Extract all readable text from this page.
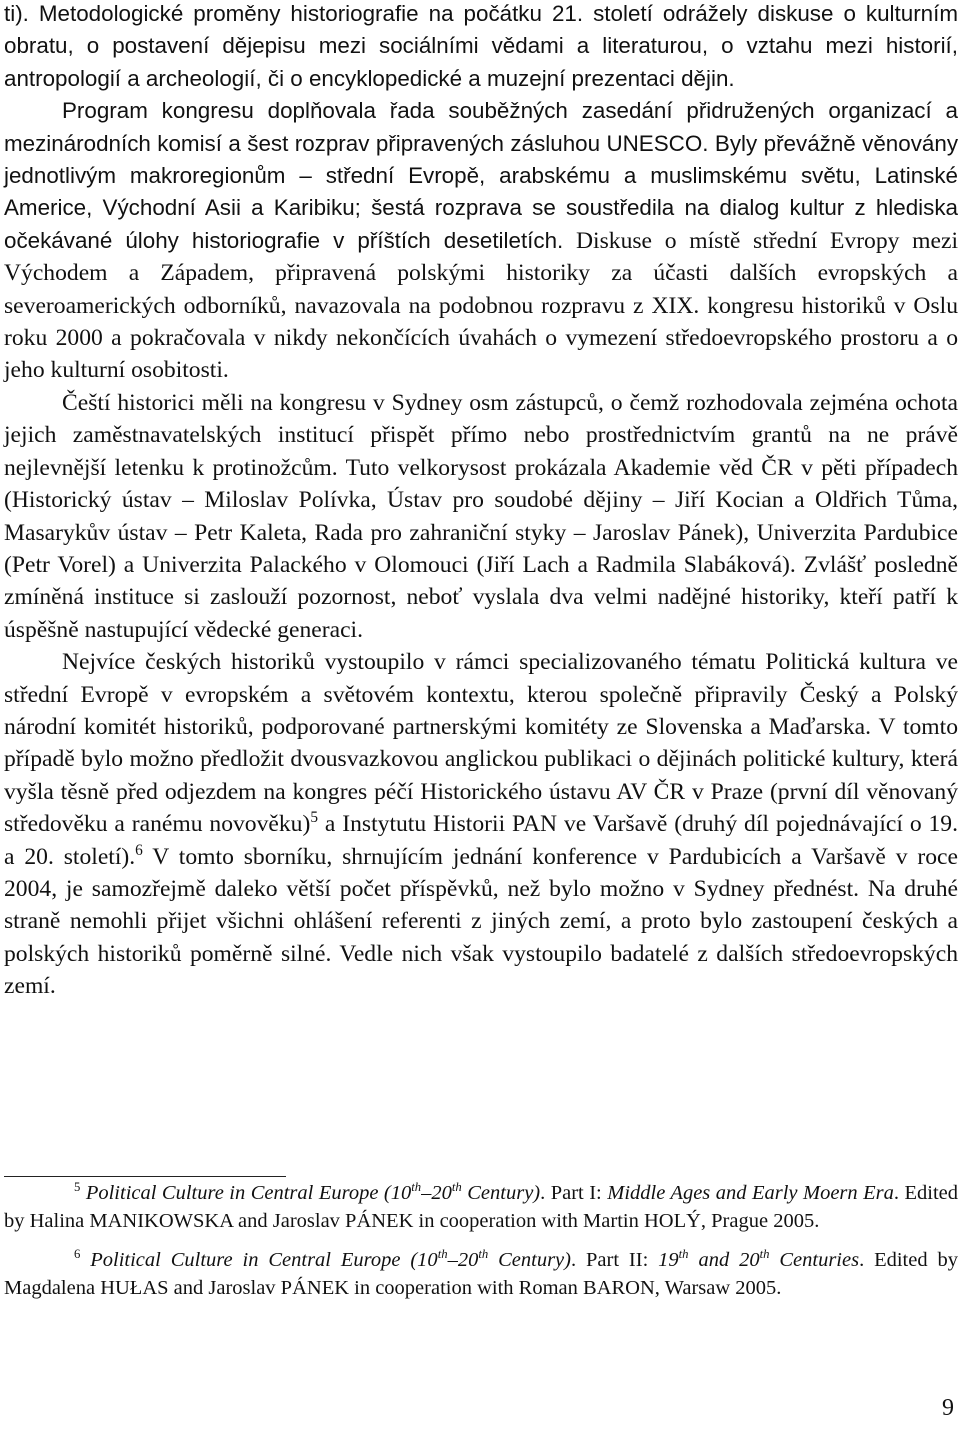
ti). Metodologické proměny historiografie na počátku 21. století odrážely diskuse o kulturním obratu, o postavení dějepisu mezi sociálními vědami a literaturou, o vztahu mezi historií, antropologií a archeologií, či o encyklopedické a muzejní prezentaci dějin.

Program kongresu doplňovala řada souběžných zasedání přidružených organizací a mezinárodních komisí a šest rozprav připravených zásluhou UNESCO. Byly převážně věnovány jednotlivým makroregionům – střední Evropě, arabskému a muslimskému světu, Latinské Americe, Východní Asii a Karibiku; šestá rozprava se soustředila na dialog kultur z hlediska očekávané úlohy historiografie v příštích desetiletích. Diskuse o místě střední Evropy mezi Východem a Západem, připravená polskými historiky za účasti dalších evropských a severoamerických odborníků, navazovala na podobnou rozpravu z XIX. kongresu historiků v Oslu roku 2000 a pokračovala v nikdy nekončících úvahách o vymezení středoevropského prostoru a o jeho kulturní osobitosti.

Čeští historici měli na kongresu v Sydney osm zástupců, o čemž rozhodovala zejména ochota jejich zaměstnavatelských institucí přispět přímo nebo prostřednictvím grantů na ne právě nejlevnější letenku k protinožcům. Tuto velkorysost prokázala Akademie věd ČR v pěti případech (Historický ústav – Miloslav Polívka, Ústav pro soudobé dějiny – Jiří Kocian a Oldřich Tůma, Masarykův ústav – Petr Kaleta, Rada pro zahraniční styky – Jaroslav Pánek), Univerzita Pardubice (Petr Vorel) a Univerzita Palackého v Olomouci (Jiří Lach a Radmila Slabáková). Zvlášť posledně zmíněná instituce si zaslouží pozornost, neboť vyslala dva velmi nadějné historiky, kteří patří k úspěšně nastupující vědecké generaci.

Nejvíce českých historiků vystoupilo v rámci specializovaného tématu Politická kultura ve střední Evropě v evropském a světovém kontextu, kterou společně připravily Český a Polský národní komitét historiků, podporované partnerskými komitéty ze Slovenska a Maďarska. V tomto případě bylo možno předložit dvousvazkovou anglickou publikaci o dějinách politické kultury, která vyšla těsně před odjezdem na kongres péčí Historického ústavu AV ČR v Praze (první díl věnovaný středověku a ranému novověku)$^5$ a Instytutu Historii PAN ve Varšavě (druhý díl pojednávající o 19. a 20. století).$^6$ V tomto sborníku, shrnujícím jednání konference v Pardubicích a Varšavě v roce 2004, je samozřejmě daleko větší počet příspěvků, než bylo možno v Sydney přednést. Na druhé straně nemohli přijet všichni ohlášení referenti z jiných zemí, a proto bylo zastoupení českých a polských historiků poměrně silné. Vedle nich však vystoupilo badatelé z dalších středoevropských zemí.

$^5$ Political Culture in Central Europe (10th–20th Century). Part I: Middle Ages and Early Moern Era. Edited by Halina MANIKOWSKA and Jaroslav PÁNEK in cooperation with Martin HOLÝ, Prague 2005.

$^6$ Political Culture in Central Europe (10th–20th Century). Part II: 19th and 20th Centuries. Edited by Magdalena HUŁAS and Jaroslav PÁNEK in cooperation with Roman BARON, Warsaw 2005.

9
